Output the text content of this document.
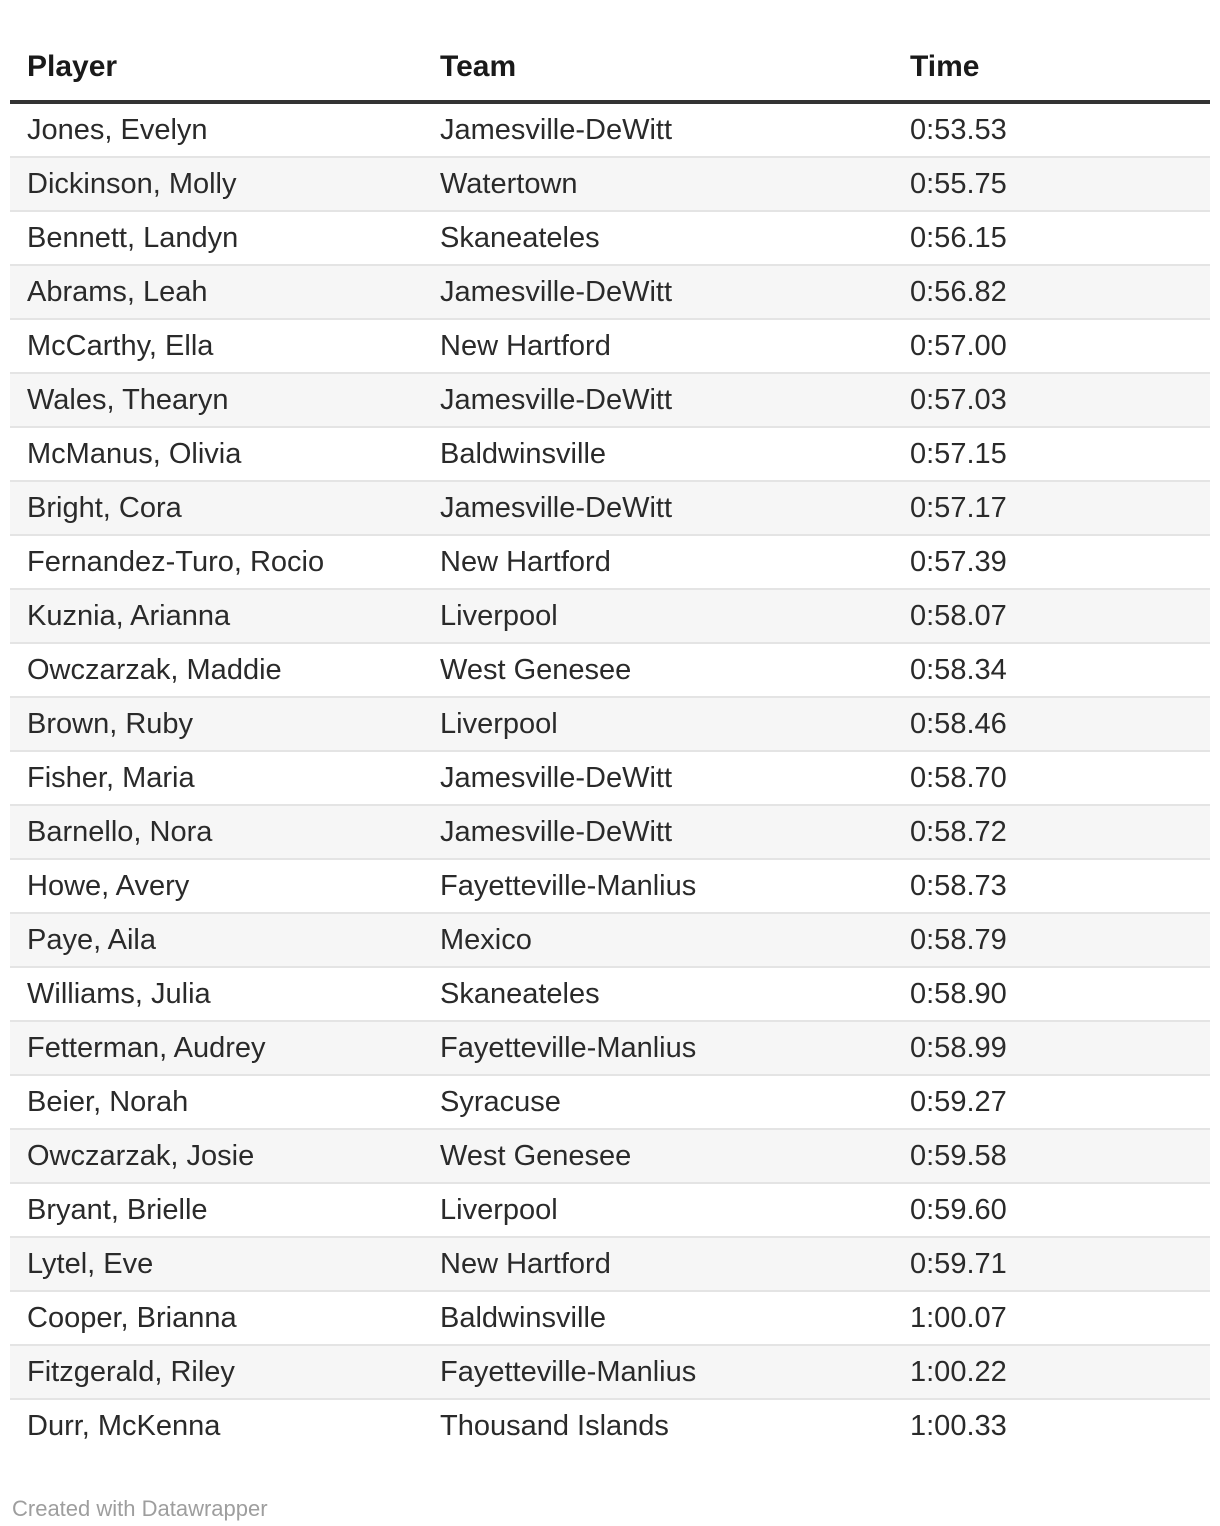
Player	Team	Time
Jones, Evelyn	Jamesville-DeWitt	0:53.53
Dickinson, Molly	Watertown	0:55.75
Bennett, Landyn	Skaneateles	0:56.15
Abrams, Leah	Jamesville-DeWitt	0:56.82
McCarthy, Ella	New Hartford	0:57.00
Wales, Thearyn	Jamesville-DeWitt	0:57.03
McManus, Olivia	Baldwinsville	0:57.15
Bright, Cora	Jamesville-DeWitt	0:57.17
Fernandez-Turo, Rocio	New Hartford	0:57.39
Kuznia, Arianna	Liverpool	0:58.07
Owczarzak, Maddie	West Genesee	0:58.34
Brown, Ruby	Liverpool	0:58.46
Fisher, Maria	Jamesville-DeWitt	0:58.70
Barnello, Nora	Jamesville-DeWitt	0:58.72
Howe, Avery	Fayetteville-Manlius	0:58.73
Paye, Aila	Mexico	0:58.79
Williams, Julia	Skaneateles	0:58.90
Fetterman, Audrey	Fayetteville-Manlius	0:58.99
Beier, Norah	Syracuse	0:59.27
Owczarzak, Josie	West Genesee	0:59.58
Bryant, Brielle	Liverpool	0:59.60
Lytel, Eve	New Hartford	0:59.71
Cooper, Brianna	Baldwinsville	1:00.07
Fitzgerald, Riley	Fayetteville-Manlius	1:00.22
Durr, McKenna	Thousand Islands	1:00.33
Created with Datawrapper
